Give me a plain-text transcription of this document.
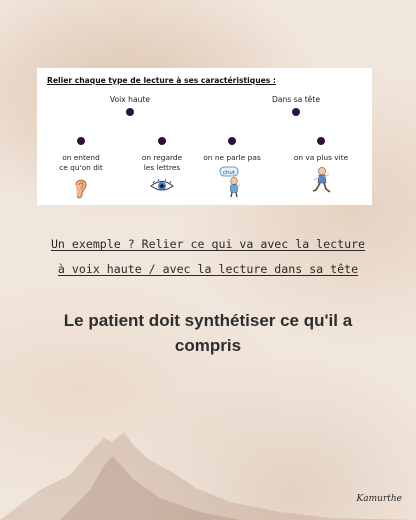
Relier chaque type de lecture à ses caractéristiques :
Voix haute	Dans sa tête
on entend
ce qu'on dit
on regarde
les lettres
on ne parle pas	on va plus vite
chut
Un exemple ? Relier ce qui va avec la lecture
à voix haute / avec la lecture dans sa tête
Le patient doit synthétiser ce qu'il a
compris
Kamurthe
